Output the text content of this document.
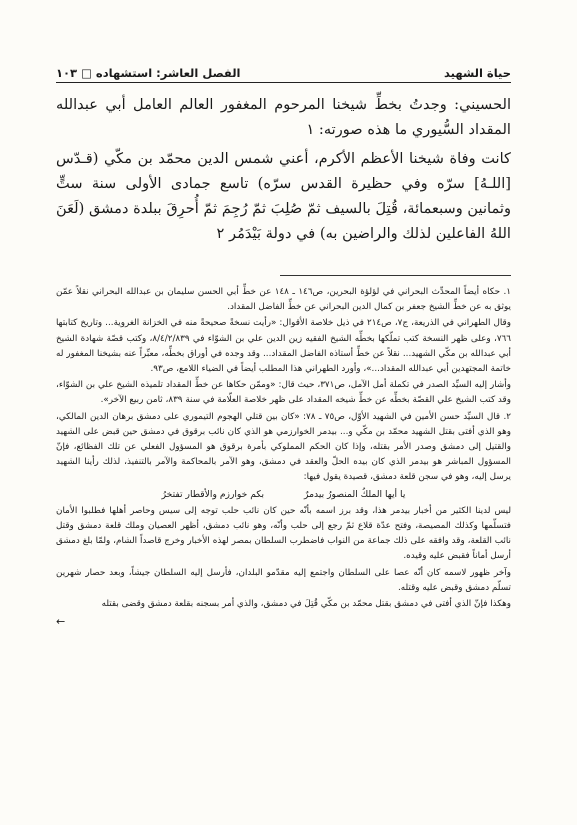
حياة الشهيد
الفصل العاشر: استشهاده □ ١٠٣

الحسيني: وجدتُ بخطِّ شيخنا المرحوم المغفور العالم العامل أبي عبدالله المقداد السُّيوري ما هذه صورته: ١

كانت وفاة شيخنا الأعظم الأكرم، أعني شمس الدين محمّد بن مكّي (قـدّس [اللـهُ] سرّه وفي حظيرة القدس سرّه) تاسع جمادى الأولى سنة ستٍّ وثمانين وسبعمائة، قُتِلَ بالسيف ثمّ صُلِبَ ثمّ رُجِمَ ثمّ أُحرِقَ ببلدة دمشق (لَعَنَ اللهُ الفاعلين لذلك والراضين به) في دولة بَيْدَمُر ٢

١. حكاه أيضاً المحدِّث البحراني في لؤلؤة البحرين، ص١٤٦ ـ ١٤٨ عن خطِّ أبي الحسن سليمان بن عبدالله البحراني نقلاً عمّن يوثق به عن خطِّ الشيخ جعفر بن كمال الدين البحراني عن خطِّ الفاضل المقداد.

وقال الطهراني في الذريعة، ج٧، ص٢١٤ في ذيل خلاصة الأقوال: «رأيت نسخةً صحيحةً منه في الخزانة الغروية... وتاريخ كتابتها ٧٦٦، وعلى ظهر النسخة كتب تملّكها بخطِّه الشيخ الفقيه زين الدين علي بن الشوّاء في ٨/٤/٢/٨٣٩، وكتب قصّة شهادة الشيخ أبي عبدالله بن مكّي الشهيد... نقلاً عن خطِّ أستاذه الفاضل المقداد... وقد وجده في أوراق بخطِّه، معبِّراً عنه بشيخنا المغفور له خاتمة المجتهدين أبي عبدالله المقداد...»، وأورد الطهراني هذا المطلب أيضاً في الضياء اللامع، ص٩٣.

وأشار إليه السيِّد الصدر في تكملة أمل الآمل، ص٣٧١، حيث قال: «وممّن حكاها عن خطِّ المقداد تلميذه الشيخ علي بن الشوّاء، وقد كتب الشيخ علي القصّة بخطِّه عن خطِّ شيخه المقداد على ظهر خلاصة العلّامة في سنة ٨٣٩، ثامن ربيع الآخر».

٢. قال السيِّد حسن الأمين في الشهيد الأوّل، ص٧٥ ـ ٧٨: «كان بين قتلي الهجوم التيموري على دمشق برهان الدين المالكي، وهو الذي أفتى بقتل الشهيد محمّد بن مكّي و... بيدمر الخوارزمي هو الذي كان نائب برقوق في دمشق حين قبض على الشهيد والقتيل إلى دمشق وصدر الأمر بقتله، وإذا كان الحكم المملوكي بأمرة برقوق هو المسؤول الفعلي عن تلك الفظائع، فإنّ المسؤول المباشر هو بيدمر الذي كان بيده الحلّ والعقد في دمشق، وهو الآمر بالمحاكمة والآمر بالتنفيذ، لذلك رأينا الشهيد يرسل إليه، وهو في سجن قلعة دمشق، قصيدة يقول فيها:

يا أيها الملكُ المنصورُ بيدمرٌ
بكم خوارزم والأقطار تفتخرُ

ليس لدينا الكثير من أخبار بيدمر هذا، وقد برز اسمه بأنّه حين كان نائب حلب توجه إلى سيس وحاصر أهلها فطلبوا الأمان فتسلّمها وكذلك المصيصة، وفتح عدّة قلاع ثمّ رجع إلى حلب وأنّه، وهو نائب دمشق، أظهر العصيان وملك قلعة دمشق وقتل نائب القلعة، وقد وافقه على ذلك جماعة من النواب فاضطرب السلطان بمصر لهذه الأخبار وخرج قاصداً الشام، ولمّا بلغ دمشق أرسل أماناً فقبض عليه وقيده.

وآخر ظهور لاسمه كان أنّه عصا على السلطان واجتمع إليه مقدّمو البلدان، فأرسل إليه السلطان جيشاً، وبعد حصار شهرين تسلّم دمشق وقبض عليه وقتله.

وهكذا فإنّ الذي أفتى في دمشق بقتل محمّد بن مكّي قُتِلَ في دمشق، والذي أمر بسجنه بقلعة دمشق وقضى بقتله

←
